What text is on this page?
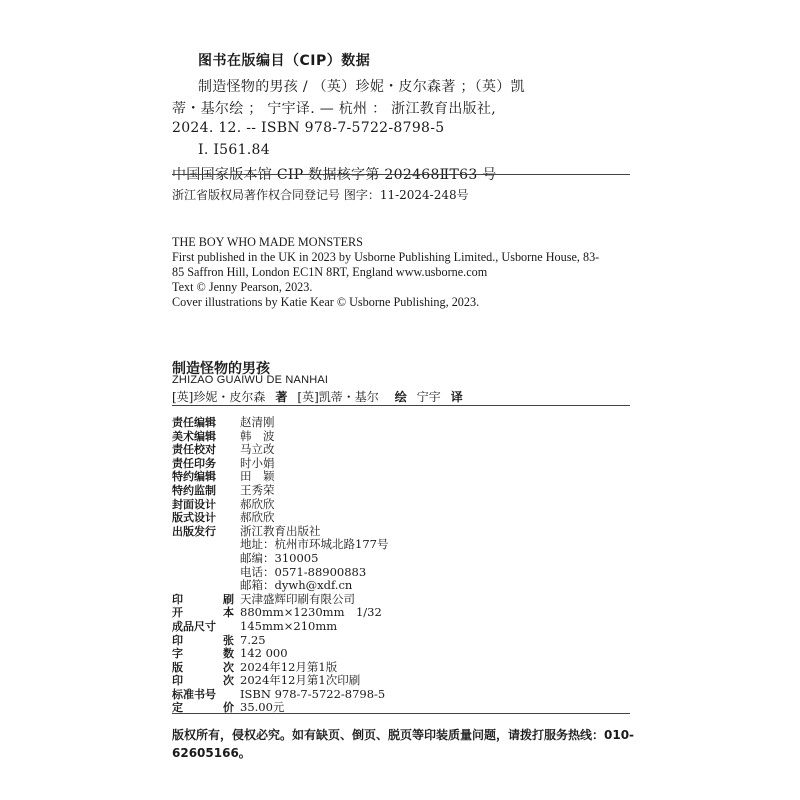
图书在版编目（CIP）数据
制造怪物的男孩 / （英）珍妮・皮尔森著 ；（英）凯
蒂・基尔绘 ； 宁宇译. — 杭州 ： 浙江教育出版社,
2024. 12. -- ISBN 978-7-5722-8798-5
Ⅰ. I561.84
中国国家版本馆 CIP 数据核字第 202468ⅡT63 号
浙江省版权局著作权合同登记号 图字：11-2024-248号
THE BOY WHO MADE MONSTERS
First published in the UK in 2023 by Usborne Publishing Limited., Usborne House, 83-
85 Saffron Hill, London EC1N 8RT, England www.usborne.com
Text © Jenny Pearson, 2023.
Cover illustrations by Katie Kear © Usborne Publishing, 2023.
制造怪物的男孩
ZHIZAO GUAIWU DE NANHAI
[英]珍妮・皮尔森 著 [英]凯蒂・基尔 绘 宁宇 译
责任编辑	赵清刚
美术编辑	韩　波
责任校对	马立改
责任印务	时小娟
特约编辑	田　颖
特约监制	王秀荣
封面设计	郝欣欣
版式设计	郝欣欣
出版发行	浙江教育出版社
地址：杭州市环城北路177号
邮编：310005
电话：0571-88900883
邮箱：dywh@xdf.cn
印	刷 天津盛辉印刷有限公司
开	本 880mm×1230mm　1/32
成品尺寸	145mm×210mm
印	张 7.25
字	数 142 000
版	次 2024年12月第1版
印	次 2024年12月第1次印刷
标准书号	ISBN 978-7-5722-8798-5
定	价 35.00元
版权所有，侵权必究。如有缺页、倒页、脱页等印装质量问题，请拨打服务热线：010-
62605166。
